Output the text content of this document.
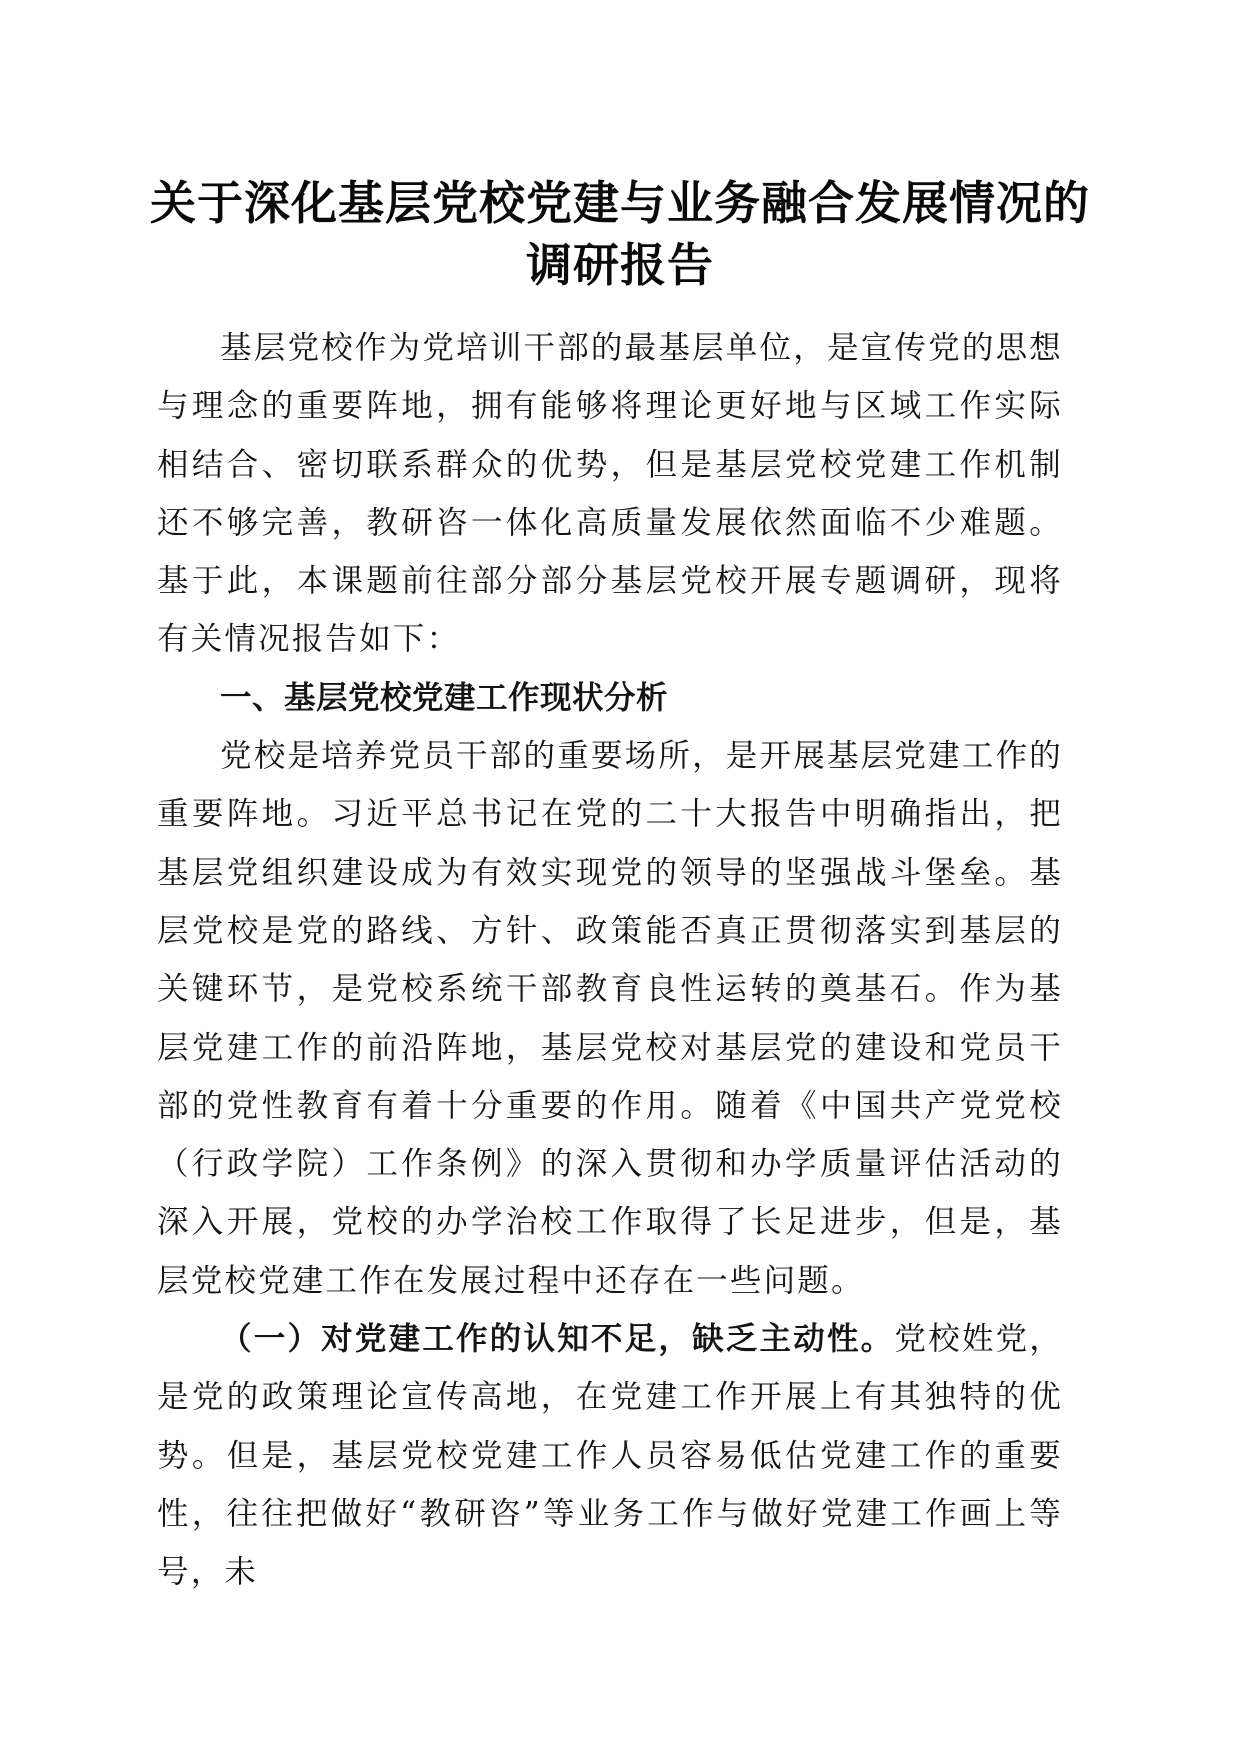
关于深化基层党校党建与业务融合发展情况的
调研报告

基层党校作为党培训干部的最基层单位，是宣传党的思想与理念的重要阵地，拥有能够将理论更好地与区域工作实际相结合、密切联系群众的优势，但是基层党校党建工作机制还不够完善，教研咨一体化高质量发展依然面临不少难题。基于此，本课题前往部分部分基层党校开展专题调研，现将有关情况报告如下：

一、基层党校党建工作现状分析

党校是培养党员干部的重要场所，是开展基层党建工作的重要阵地。习近平总书记在党的二十大报告中明确指出，把基层党组织建设成为有效实现党的领导的坚强战斗堡垒。基层党校是党的路线、方针、政策能否真正贯彻落实到基层的关键环节，是党校系统干部教育良性运转的奠基石。作为基层党建工作的前沿阵地，基层党校对基层党的建设和党员干部的党性教育有着十分重要的作用。随着《中国共产党党校（行政学院）工作条例》的深入贯彻和办学质量评估活动的深入开展，党校的办学治校工作取得了长足进步，但是，基层党校党建工作在发展过程中还存在一些问题。

（一）对党建工作的认知不足，缺乏主动性。党校姓党，是党的政策理论宣传高地，在党建工作开展上有其独特的优势。但是，基层党校党建工作人员容易低估党建工作的重要性，往往把做好“教研咨”等业务工作与做好党建工作画上等号，未
